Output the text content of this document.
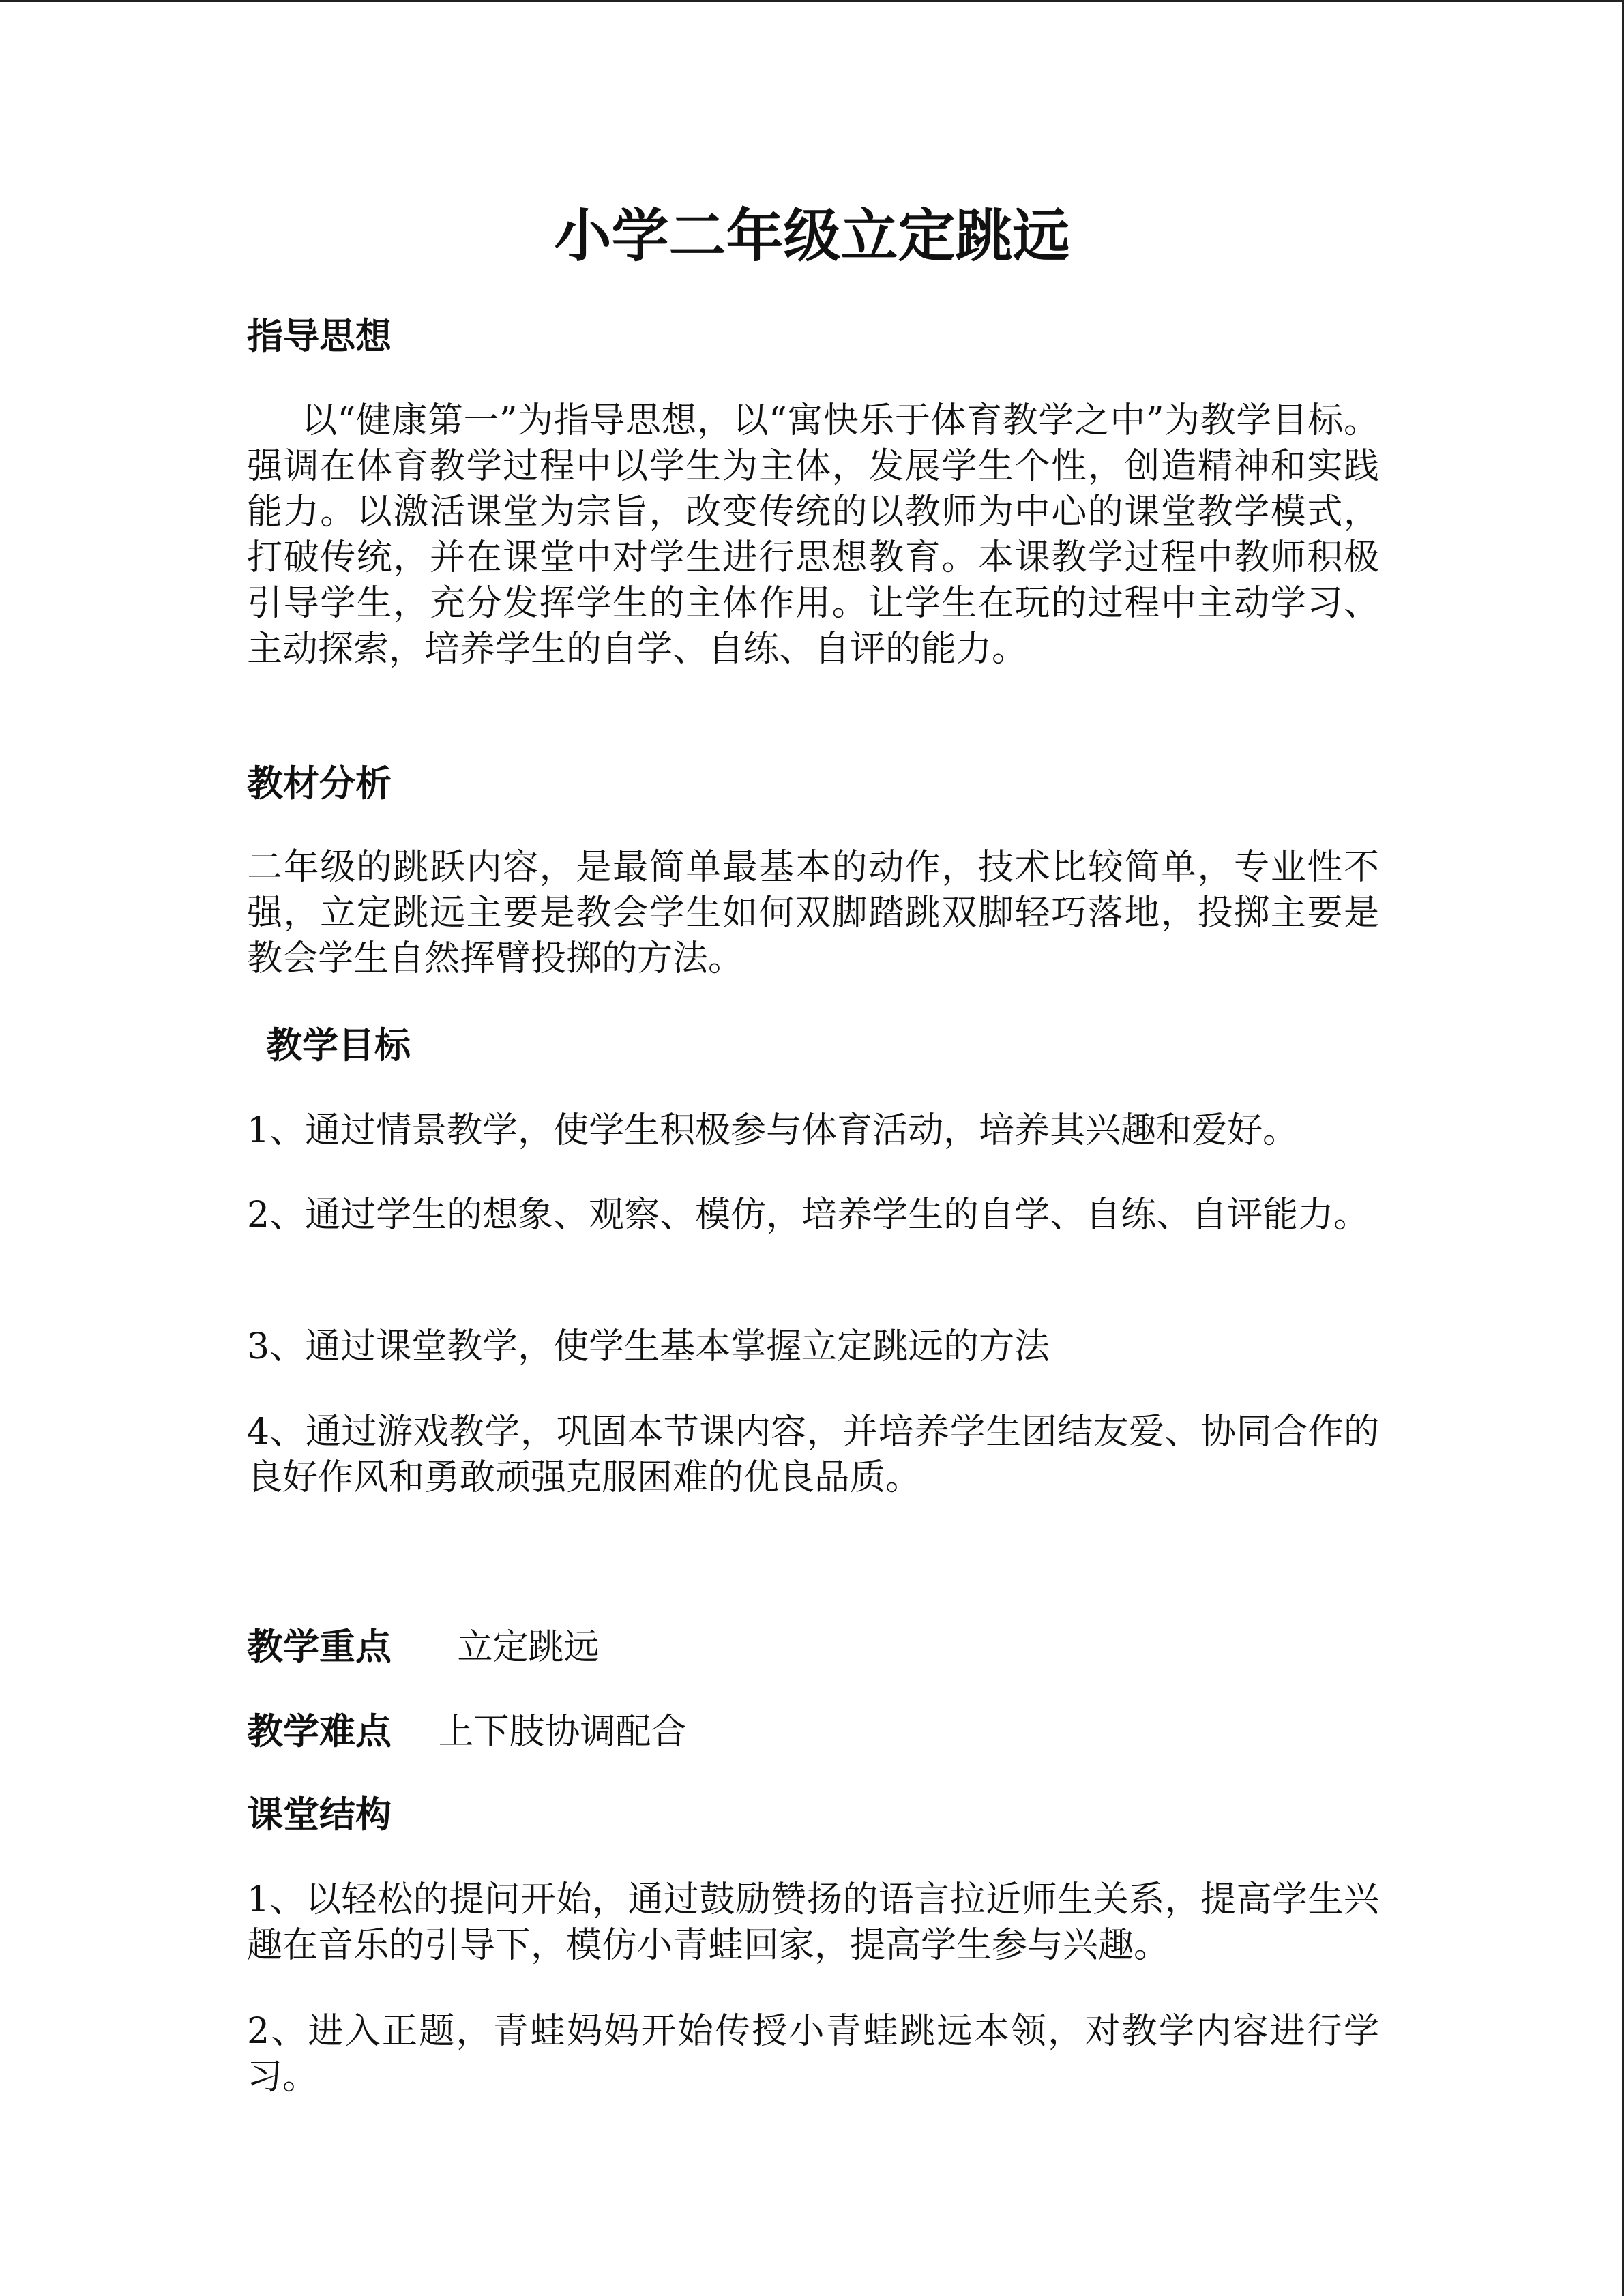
小学二年级立定跳远
指导思想

以“健康第一”为指导思想，以“寓快乐于体育教学之中”为教学目标。强调在体育教学过程中以学生为主体，发展学生个性，创造精神和实践能力。以激活课堂为宗旨，改变传统的以教师为中心的课堂教学模式，打破传统，并在课堂中对学生进行思想教育。本课教学过程中教师积极引导学生，充分发挥学生的主体作用。让学生在玩的过程中主动学习、主动探索，培养学生的自学、自练、自评的能力。

教材分析

二年级的跳跃内容，是最简单最基本的动作，技术比较简单，专业性不强，立定跳远主要是教会学生如何双脚踏跳双脚轻巧落地，投掷主要是教会学生自然挥臂投掷的方法。

教学目标

1、通过情景教学，使学生积极参与体育活动，培养其兴趣和爱好。

2、通过学生的想象、观察、模仿，培养学生的自学、自练、自评能力。

3、通过课堂教学，使学生基本掌握立定跳远的方法

4、通过游戏教学，巩固本节课内容，并培养学生团结友爱、协同合作的良好作风和勇敢顽强克服困难的优良品质。

教学重点 立定跳远
教学难点 上下肢协调配合
课堂结构

1、以轻松的提问开始，通过鼓励赞扬的语言拉近师生关系，提高学生兴趣在音乐的引导下，模仿小青蛙回家，提高学生参与兴趣。

2、进入正题，青蛙妈妈开始传授小青蛙跳远本领，对教学内容进行学习。
